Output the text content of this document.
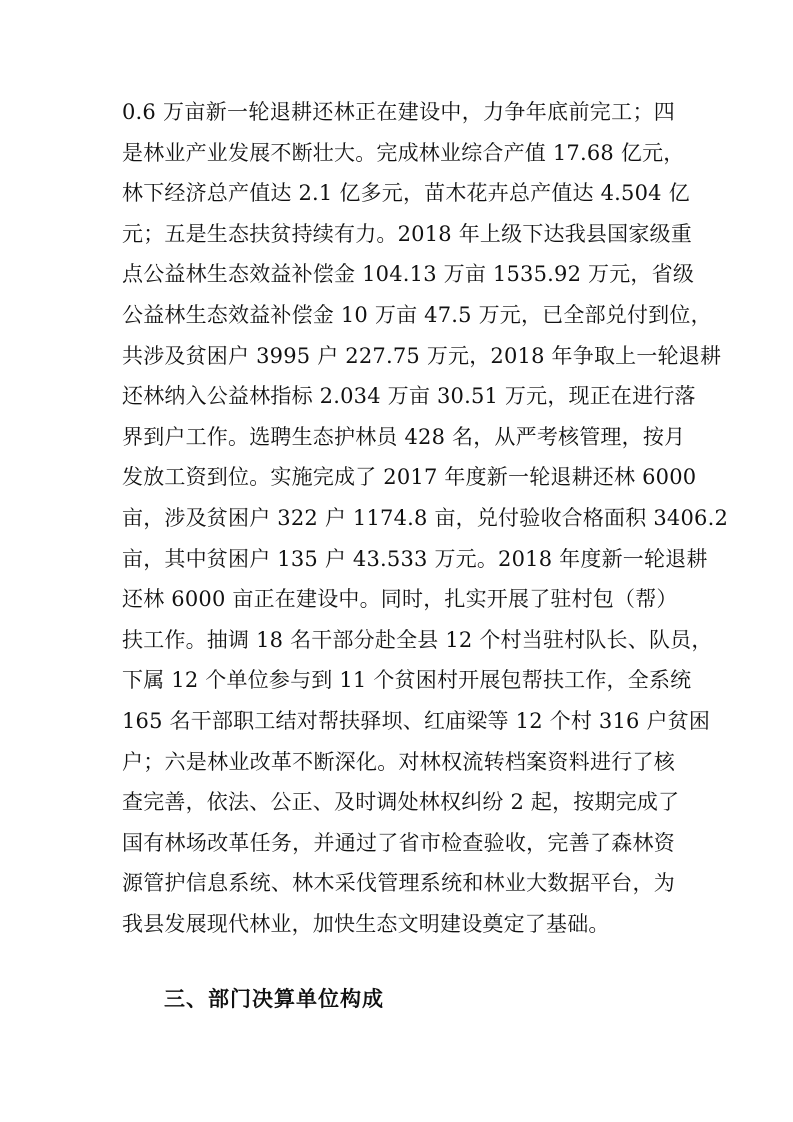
0.6 万亩新一轮退耕还林正在建设中，力争年底前完工；四
是林业产业发展不断壮大。完成林业综合产值 17.68 亿元，
林下经济总产值达 2.1 亿多元，苗木花卉总产值达 4.504 亿
元；五是生态扶贫持续有力。2018 年上级下达我县国家级重
点公益林生态效益补偿金 104.13 万亩 1535.92 万元，省级
公益林生态效益补偿金 10 万亩 47.5 万元，已全部兑付到位，
共涉及贫困户 3995 户 227.75 万元，2018 年争取上一轮退耕
还林纳入公益林指标 2.034 万亩 30.51 万元，现正在进行落
界到户工作。选聘生态护林员 428 名，从严考核管理，按月
发放工资到位。实施完成了 2017 年度新一轮退耕还林 6000
亩，涉及贫困户 322 户 1174.8 亩，兑付验收合格面积 3406.2
亩，其中贫困户 135 户 43.533 万元。2018 年度新一轮退耕
还林 6000 亩正在建设中。同时，扎实开展了驻村包（帮）
扶工作。抽调 18 名干部分赴全县 12 个村当驻村队长、队员，
下属 12 个单位参与到 11 个贫困村开展包帮扶工作，全系统
165 名干部职工结对帮扶驿坝、红庙梁等 12 个村 316 户贫困
户；六是林业改革不断深化。对林权流转档案资料进行了核
查完善，依法、公正、及时调处林权纠纷 2 起，按期完成了
国有林场改革任务，并通过了省市检查验收，完善了森林资
源管护信息系统、林木采伐管理系统和林业大数据平台，为
我县发展现代林业，加快生态文明建设奠定了基础。
三、部门决算单位构成
